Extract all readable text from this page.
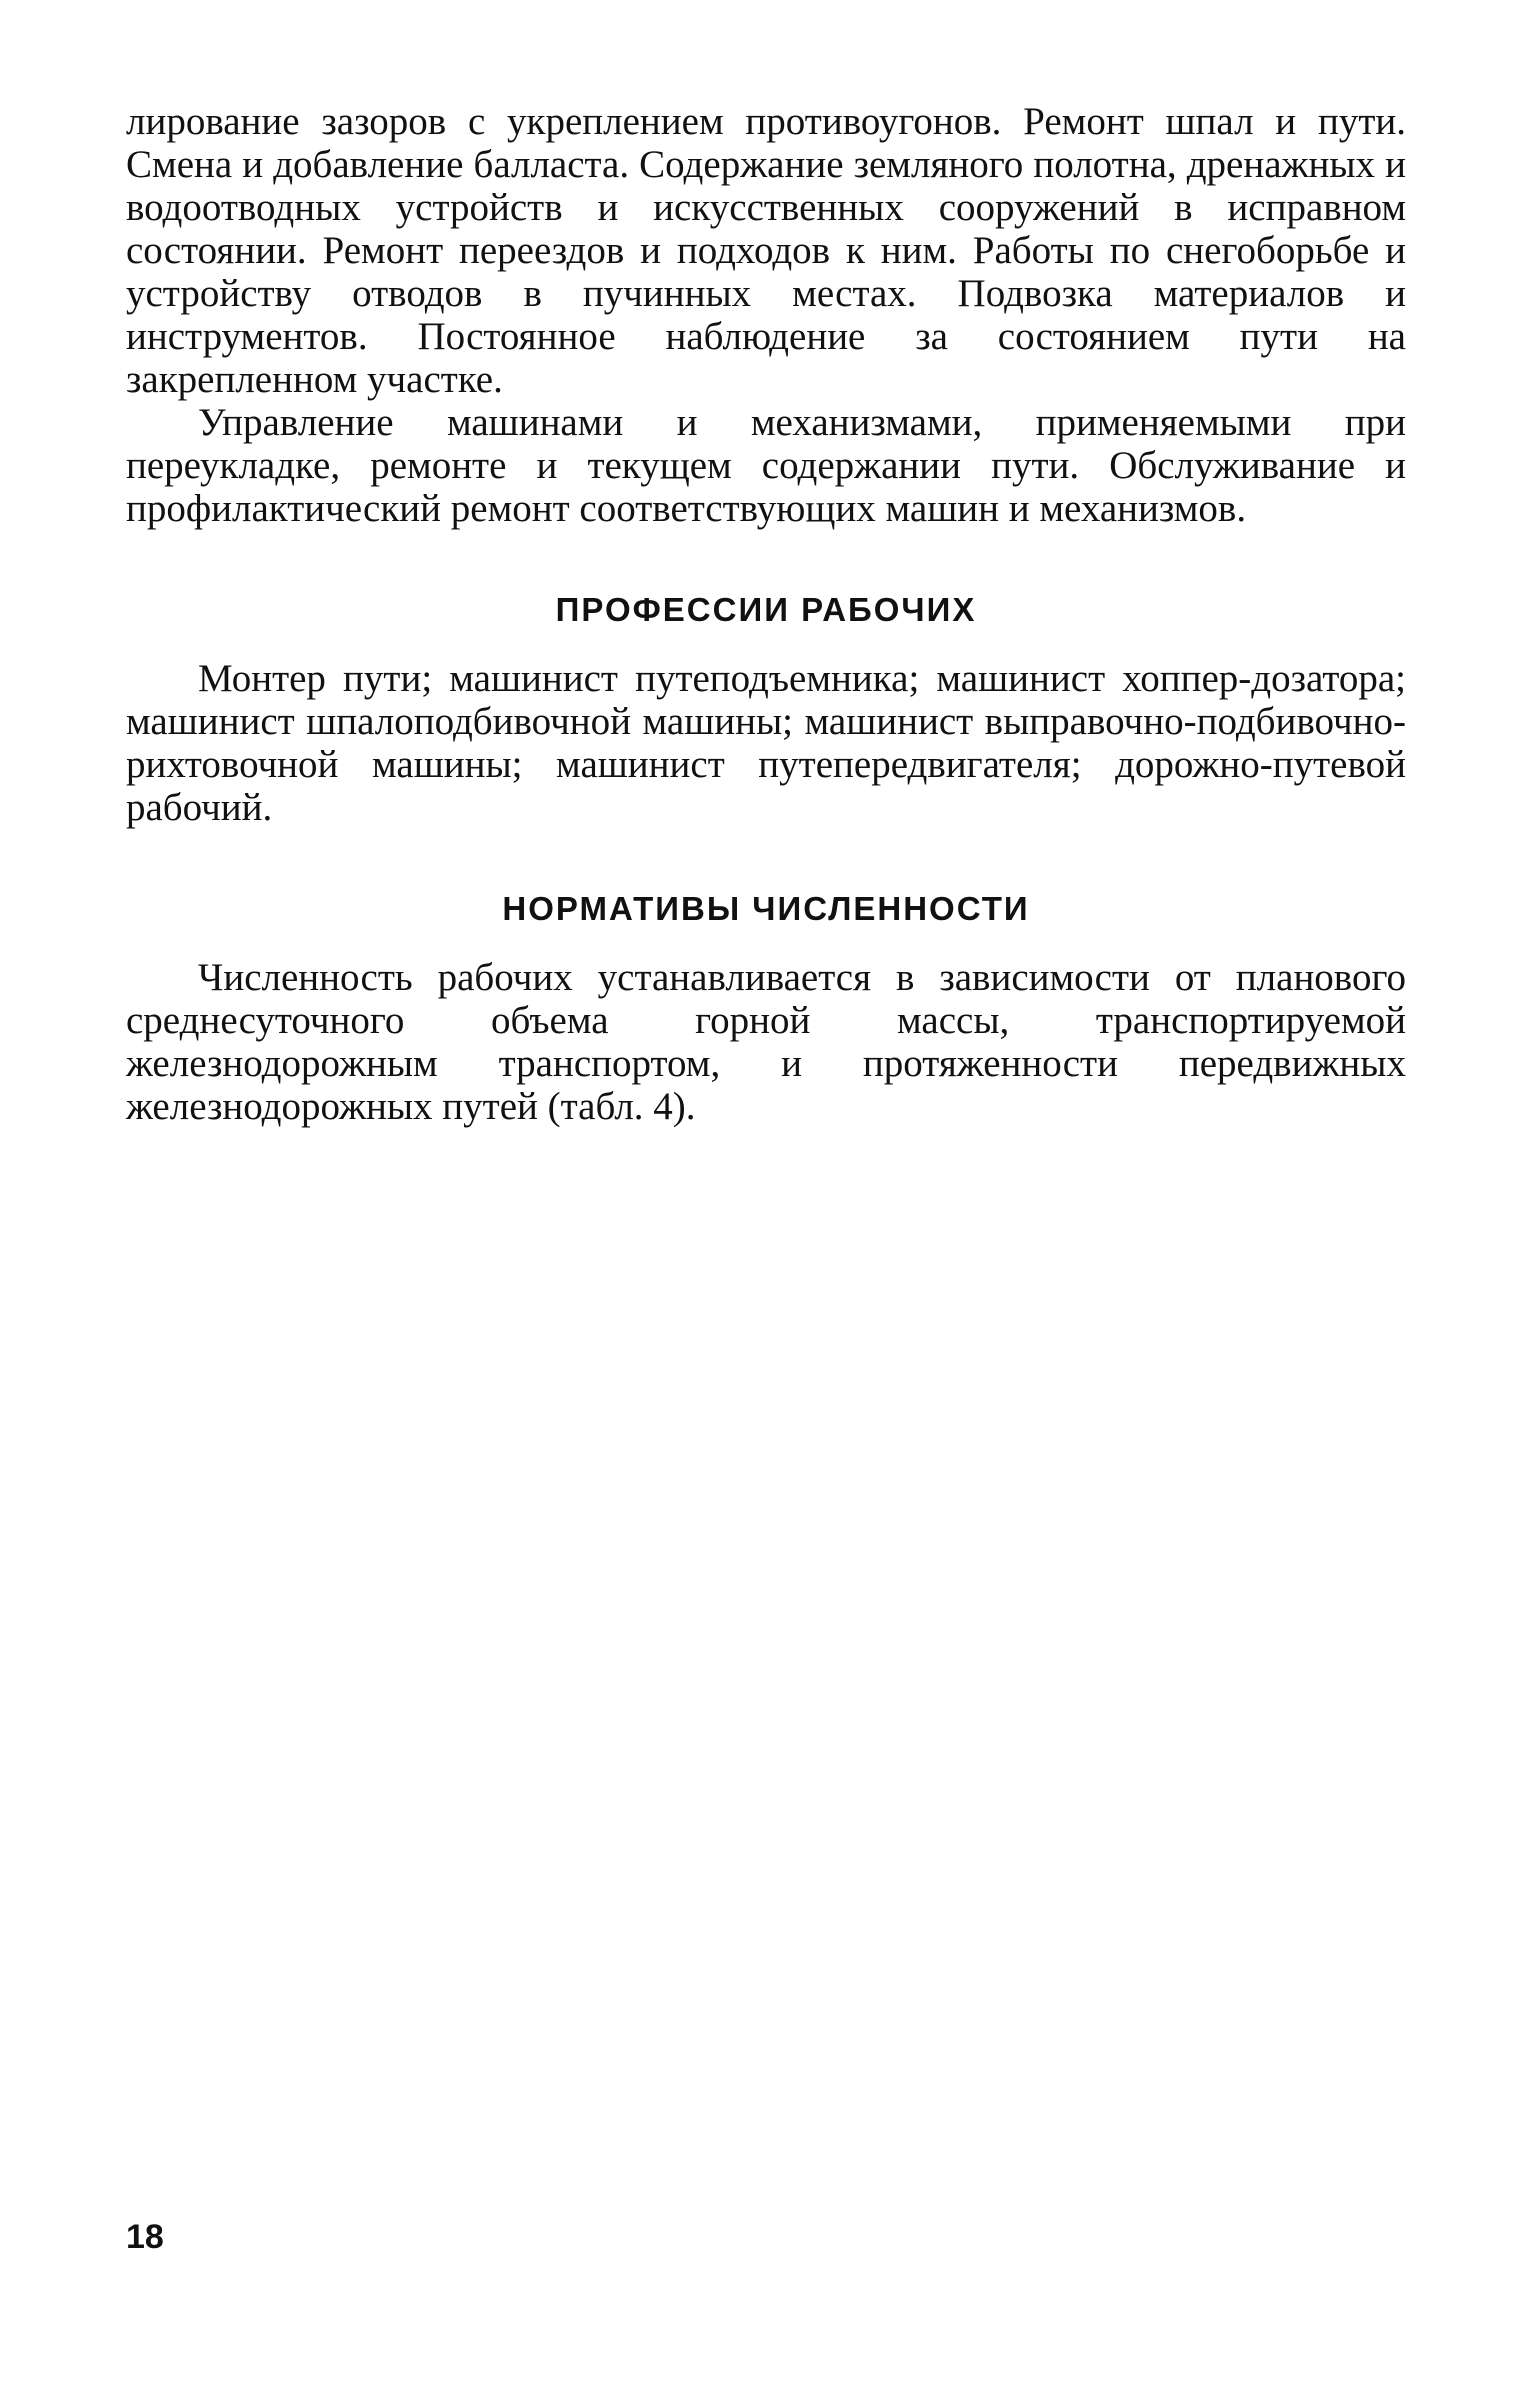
лирование зазоров с укреплением противоугонов. Ремонт шпал и пути. Смена и добавление балласта. Содержание земляного полотна, дренажных и водоотводных устройств и искусственных сооружений в исправном состоянии. Ремонт переездов и подходов к ним. Работы по снегоборьбе и устройству отводов в пучинных местах. Подвозка материалов и инструментов. Постоянное наблюдение за состоянием пути на закрепленном участке.

Управление машинами и механизмами, применяемыми при переукладке, ремонте и текущем содержании пути. Обслуживание и профилактический ремонт соответствующих машин и механизмов.

ПРОФЕССИИ РАБОЧИХ

Монтер пути; машинист путеподъемника; машинист хоппер-дозатора; машинист шпалоподбивочной машины; машинист выправочно-подбивочно-рихтовочной машины; машинист путепередвигателя; дорожно-путевой рабочий.

НОРМАТИВЫ ЧИСЛЕННОСТИ

Численность рабочих устанавливается в зависимости от планового среднесуточного объема горной массы, транспортируемой железнодорожным транспортом, и протяженности передвижных железнодорожных путей (табл. 4).

18
